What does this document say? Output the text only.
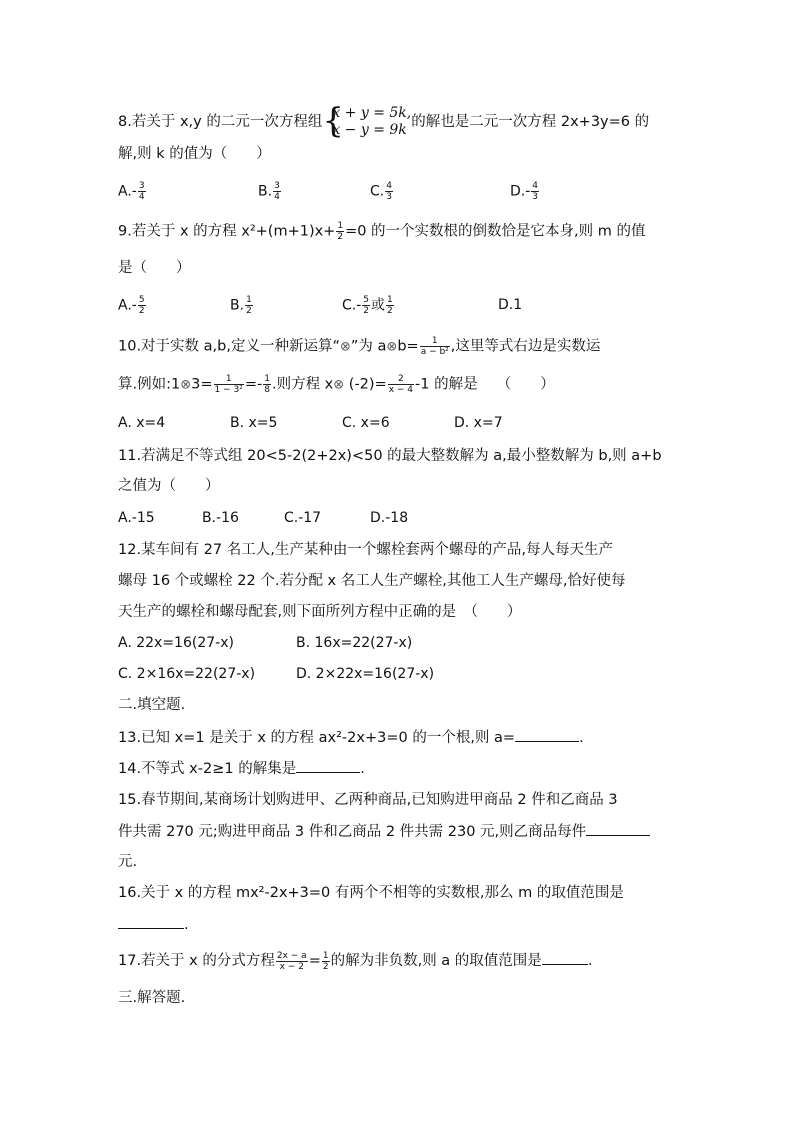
8.若关于 x,y 的二元一次方程组 {
x + y = 5k,
x − y = 9k 的解也是二元一次方程 2x+3y=6 的
解,则 k 的值为（　　）
$A.- \frac{3}{4}$	B. $\frac{3}{4}$	C. $\frac{4}{3}$	$D.- \frac{4}{3}$
9.若关于 x 的方程 $x^2+(m+1)x+ \frac{1}{2} =0$ 的一个实数根的倒数恰是它本身,则 m 的值
是（　　）
$A.- \frac{5}{2}$	B. $\frac{1}{2}$	$C.- \frac{5}{2}$ 或 $\frac{1}{2}$	D.1
10.对于实数 a,b,定义一种新运算“⊗”为 a⊗b= $\frac{1}{\text{a − b²}}$ ,这里等式右边是实数运
算.例如:1⊗3= $\frac{1}{\text{1 − 3²}} =- \frac{1}{8}$ .则方程 x⊗ $(-2)= \frac{2}{x - 4} -1$ 的解是　 （　　）
A. x=4	B. x=5	C. x=6	D. x=7
11.若满足不等式组 20<5-2(2+2x)<50 的最大整数解为 a,最小整数解为 b,则 a+b
之值为（　　）
A.-15	B.-16	C.-17	D.-18
12.某车间有 27 名工人,生产某种由一个螺栓套两个螺母的产品,每人每天生产
螺母 16 个或螺栓 22 个.若分配 x 名工人生产螺栓,其他工人生产螺母,恰好使每
天生产的螺栓和螺母配套,则下面所列方程中正确的是　（　　）
A. 22x=16(27-x)	B. 16x=22(27-x)
C. 2×16x=22(27-x)	D. 2×22x=16(27-x)
二.填空题.
13.已知 x=1 是关于 x 的方程 ax²-2x+3=0 的一个根,则 a=	.
14.不等式 x-2≥1 的解集是	.
15.春节期间,某商场计划购进甲、乙两种商品,已知购进甲商品 2 件和乙商品 3
件共需 270 元;购进甲商品 3 件和乙商品 2 件共需 230 元,则乙商品每件
元.
16.关于 x 的方程 mx²-2x+3=0 有两个不相等的实数根,那么 m 的取值范围是
.
17.若关于 x 的分式方程 $\frac{2x - a}{x - 2} = \frac{1}{2}$ 的解为非负数,则 a 的取值范围是	.
三.解答题.
